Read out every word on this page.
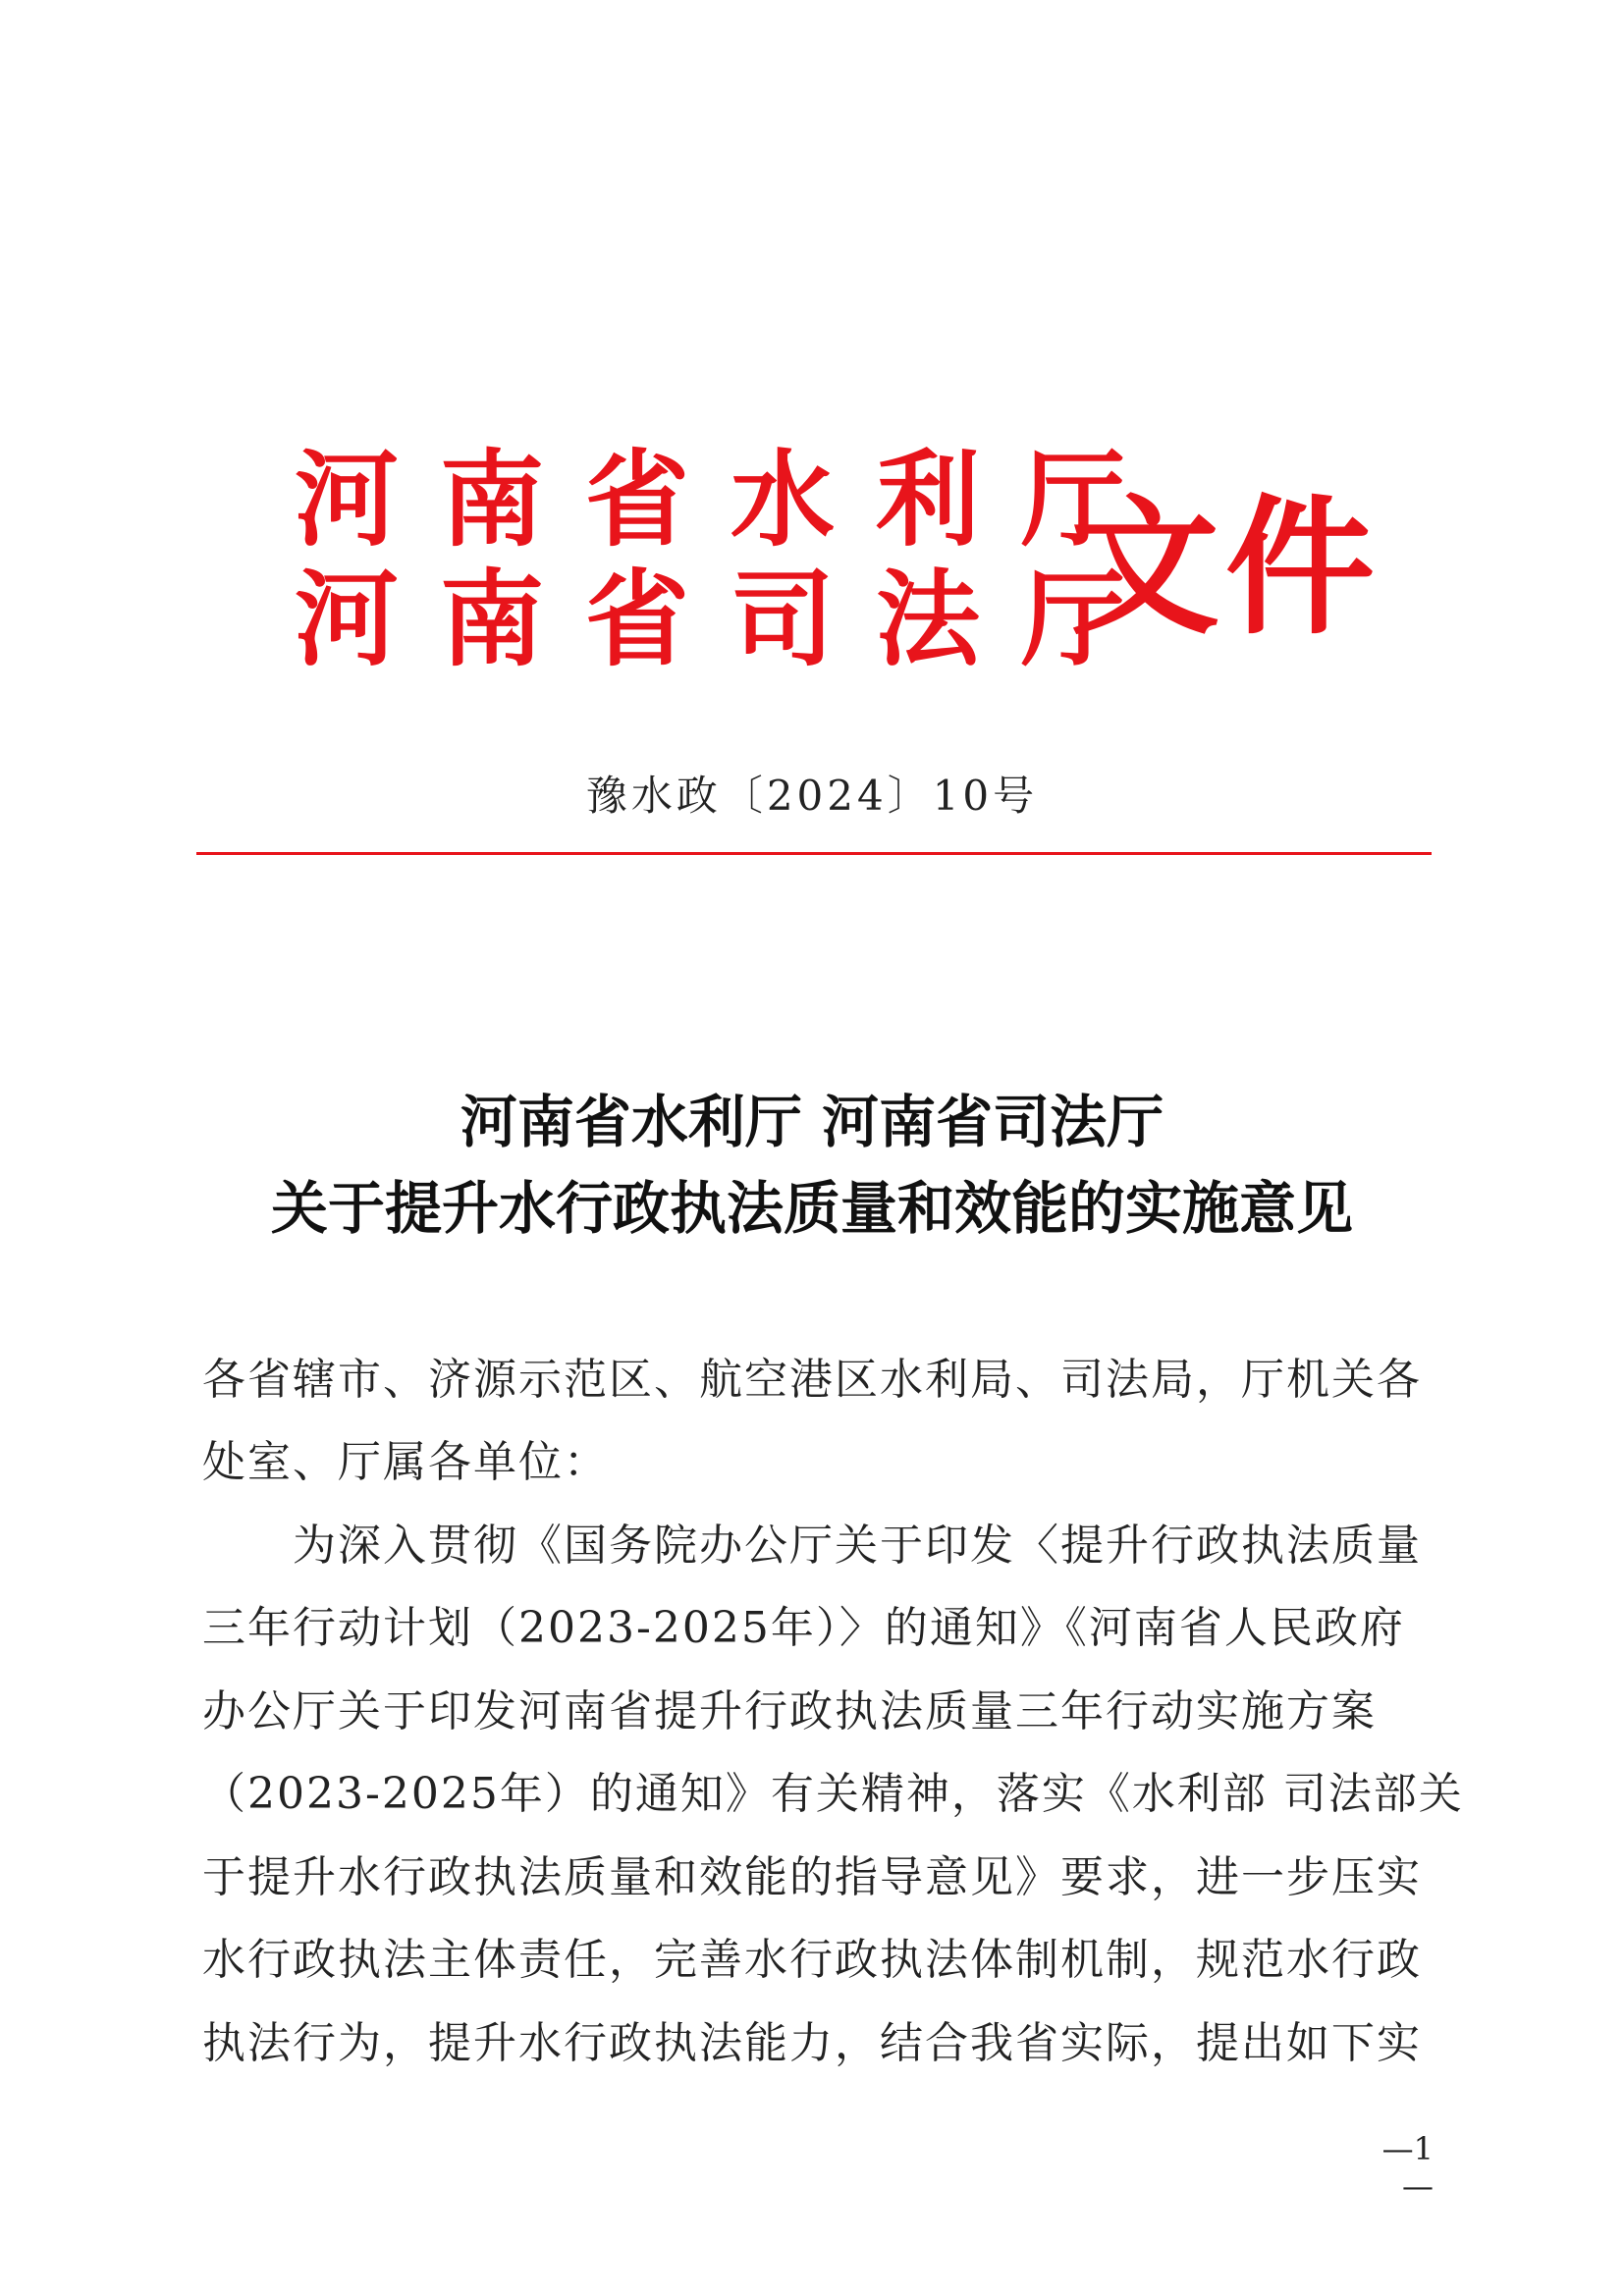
河南省水利厅
河南省司法厅
文件
豫水政〔2024〕10号
河南省水利厅 河南省司法厅
关于提升水行政执法质量和效能的实施意见
各省辖市、济源示范区、航空港区水利局、司法局，厅机关各
处室、厅属各单位：
　　为深入贯彻《国务院办公厅关于印发〈提升行政执法质量
三年行动计划（2023-2025年）〉的通知》《河南省人民政府
办公厅关于印发河南省提升行政执法质量三年行动实施方案
（2023-2025年）的通知》有关精神，落实《水利部 司法部关
于提升水行政执法质量和效能的指导意见》要求，进一步压实
水行政执法主体责任，完善水行政执法体制机制，规范水行政
执法行为，提升水行政执法能力，结合我省实际，提出如下实
—1—
